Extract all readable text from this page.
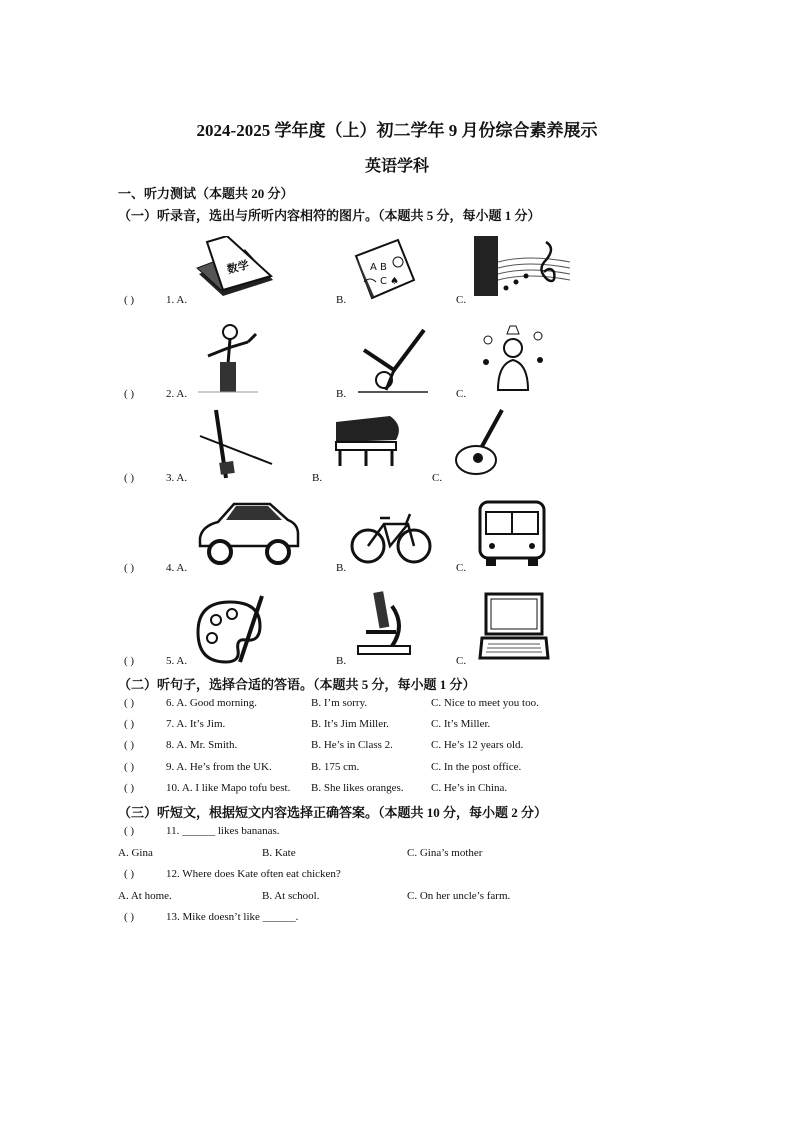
2024-2025 学年度（上）初二学年 9 月份综合素养展示
英语学科
一、听力测试（本题共 20 分）
（一）听录音，选出与所听内容相符的图片。（本题共 5 分，每小题 1 分）
数学	A B
C ♠
( )	1. A.	B.	C.
( )	2. A.	B.	C.
( )	3. A.	B.	C.
( )	4. A.	B.	C.
( )	5. A.	B.	C.
（二）听句子，选择合适的答语。（本题共 5 分，每小题 1 分）
( )	6. A. Good morning.	B. I’m sorry.	C. Nice to meet you too.
( )	7. A. It’s Jim.	B. It’s Jim Miller.	C. It’s Miller.
( )	8. A. Mr. Smith.	B. He’s in Class 2.	C. He’s 12 years old.
( )	9. A. He’s from the UK.	B. 175 cm.	C. In the post office.
( )	10. A. I like Mapo tofu best. B. She likes oranges. C. He’s in China.
（三）听短文，根据短文内容选择正确答案。（本题共 10 分，每小题 2 分）
( )	11. ______ likes bananas.
A. Gina	B. Kate	C. Gina’s mother
( )	12. Where does Kate often eat chicken?
A. At home.	B. At school.	C. On her uncle’s farm.
( )	13. Mike doesn’t like ______.
